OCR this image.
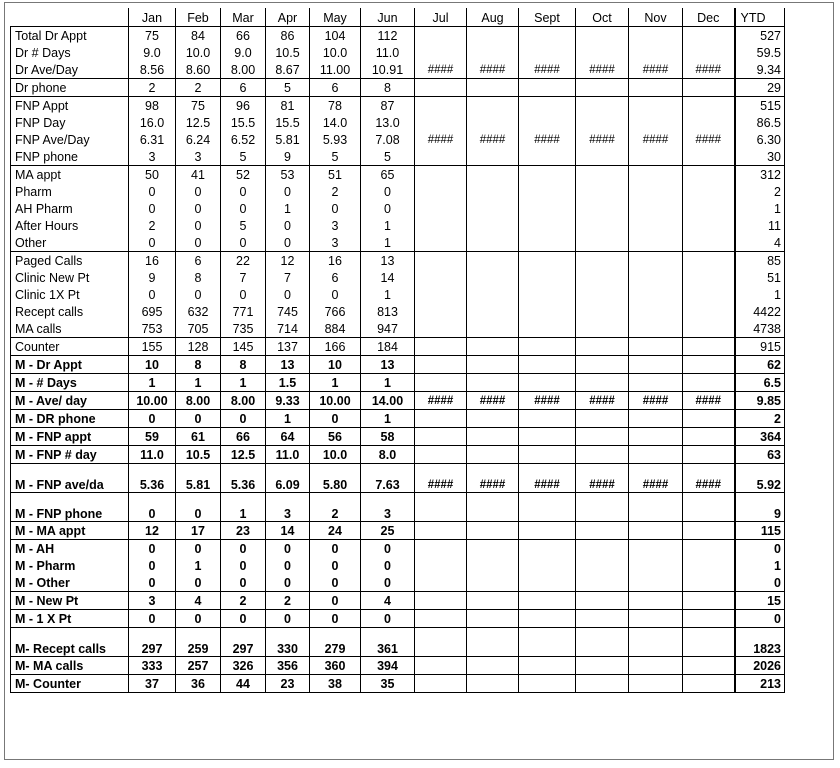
	Jan	Feb	Mar	Apr	May	Jun	Jul	Aug	Sept	Oct	Nov	Dec	YTD
Total Dr Appt	75	84	66	86	104	112							527
Dr # Days	9.0	10.0	9.0	10.5	10.0	11.0							59.5
Dr Ave/Day	8.56	8.60	8.00	8.67	11.00	10.91	####	####	####	####	####	####	9.34
Dr phone	2	2	6	5	6	8							29
FNP Appt	98	75	96	81	78	87							515
FNP Day	16.0	12.5	15.5	15.5	14.0	13.0							86.5
FNP Ave/Day	6.31	6.24	6.52	5.81	5.93	7.08	####	####	####	####	####	####	6.30
FNP phone	3	3	5	9	5	5							30
MA appt	50	41	52	53	51	65							312
Pharm	0	0	0	0	2	0							2
AH Pharm	0	0	0	1	0	0							1
After Hours	2	0	5	0	3	1							11
Other	0	0	0	0	3	1							4
Paged Calls	16	6	22	12	16	13							85
Clinic New Pt	9	8	7	7	6	14							51
Clinic 1X Pt	0	0	0	0	0	1							1
Recept calls	695	632	771	745	766	813							4422
MA calls	753	705	735	714	884	947							4738
Counter	155	128	145	137	166	184							915
M - Dr Appt	10	8	8	13	10	13							62
M - # Days	1	1	1	1.5	1	1							6.5
M - Ave/ day	10.00	8.00	8.00	9.33	10.00	14.00	####	####	####	####	####	####	9.85
M - DR phone	0	0	0	1	0	1							2
M - FNP appt	59	61	66	64	56	58							364
M - FNP # day	11.0	10.5	12.5	11.0	10.0	8.0							63
M - FNP ave/da	5.36	5.81	5.36	6.09	5.80	7.63	####	####	####	####	####	####	5.92
M - FNP phone	0	0	1	3	2	3							9
M - MA appt	12	17	23	14	24	25							115
M - AH	0	0	0	0	0	0							0
M - Pharm	0	1	0	0	0	0							1
M - Other	0	0	0	0	0	0							0
M - New Pt	3	4	2	2	0	4							15
M - 1 X Pt	0	0	0	0	0	0							0
M- Recept calls	297	259	297	330	279	361							1823
M- MA calls	333	257	326	356	360	394							2026
M- Counter	37	36	44	23	38	35							213
